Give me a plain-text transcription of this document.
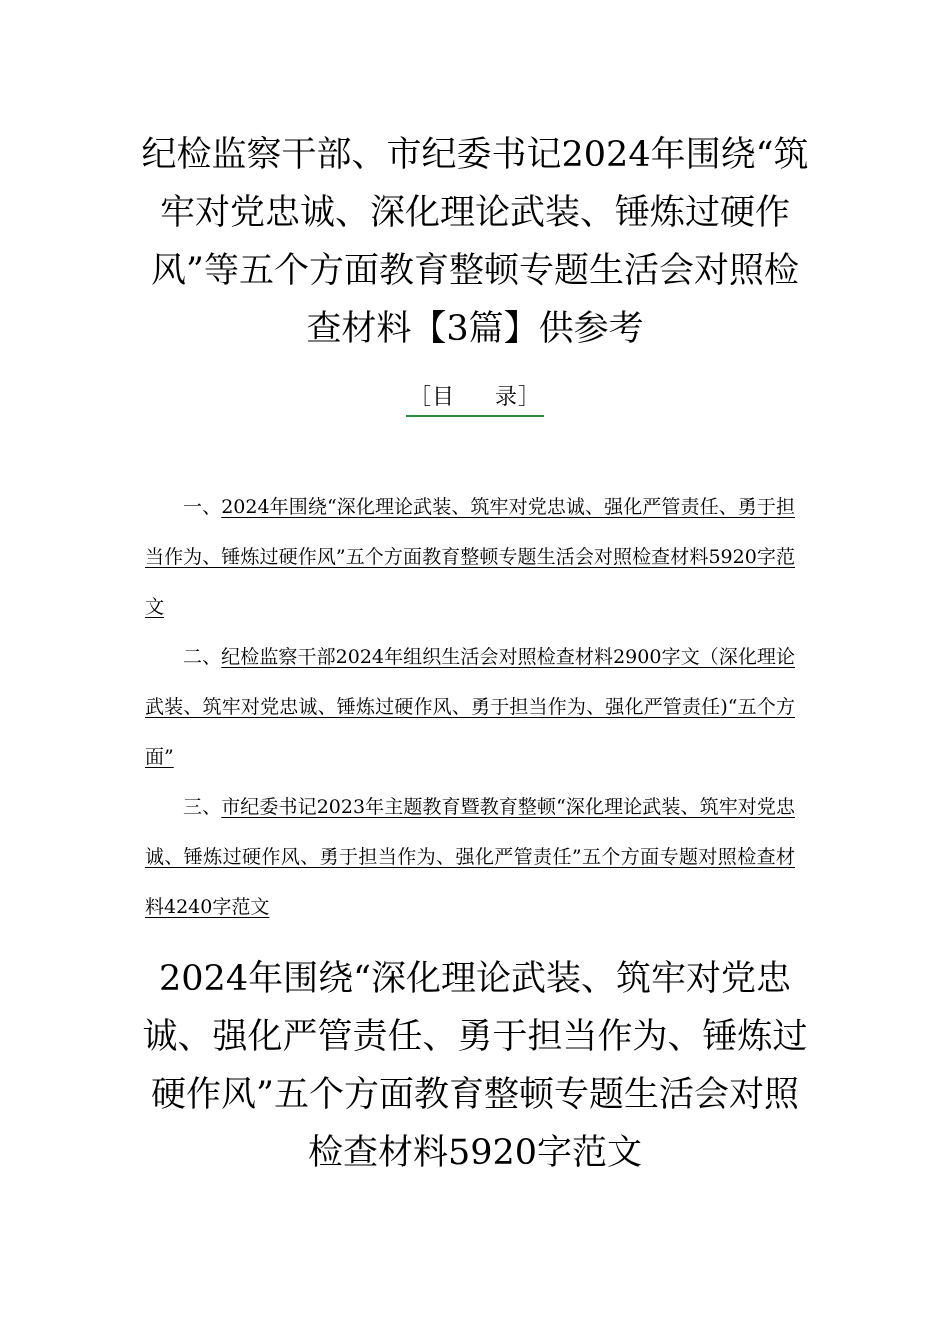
纪检监察干部、市纪委书记2024年围绕“筑牢对党忠诚、深化理论武装、锤炼过硬作风”等五个方面教育整顿专题生活会对照检查材料【3篇】供参考
［目 录］

一、2024年围绕“深化理论武装、筑牢对党忠诚、强化严管责任、勇于担当作为、锤炼过硬作风”五个方面教育整顿专题生活会对照检查材料5920字范文

二、纪检监察干部2024年组织生活会对照检查材料2900字文（深化理论武装、筑牢对党忠诚、锤炼过硬作风、勇于担当作为、强化严管责任)“五个方面”

三、市纪委书记2023年主题教育暨教育整顿“深化理论武装、筑牢对党忠诚、锤炼过硬作风、勇于担当作为、强化严管责任”五个方面专题对照检查材料4240字范文

2024年围绕“深化理论武装、筑牢对党忠诚、强化严管责任、勇于担当作为、锤炼过硬作风”五个方面教育整顿专题生活会对照检查材料5920字范文
